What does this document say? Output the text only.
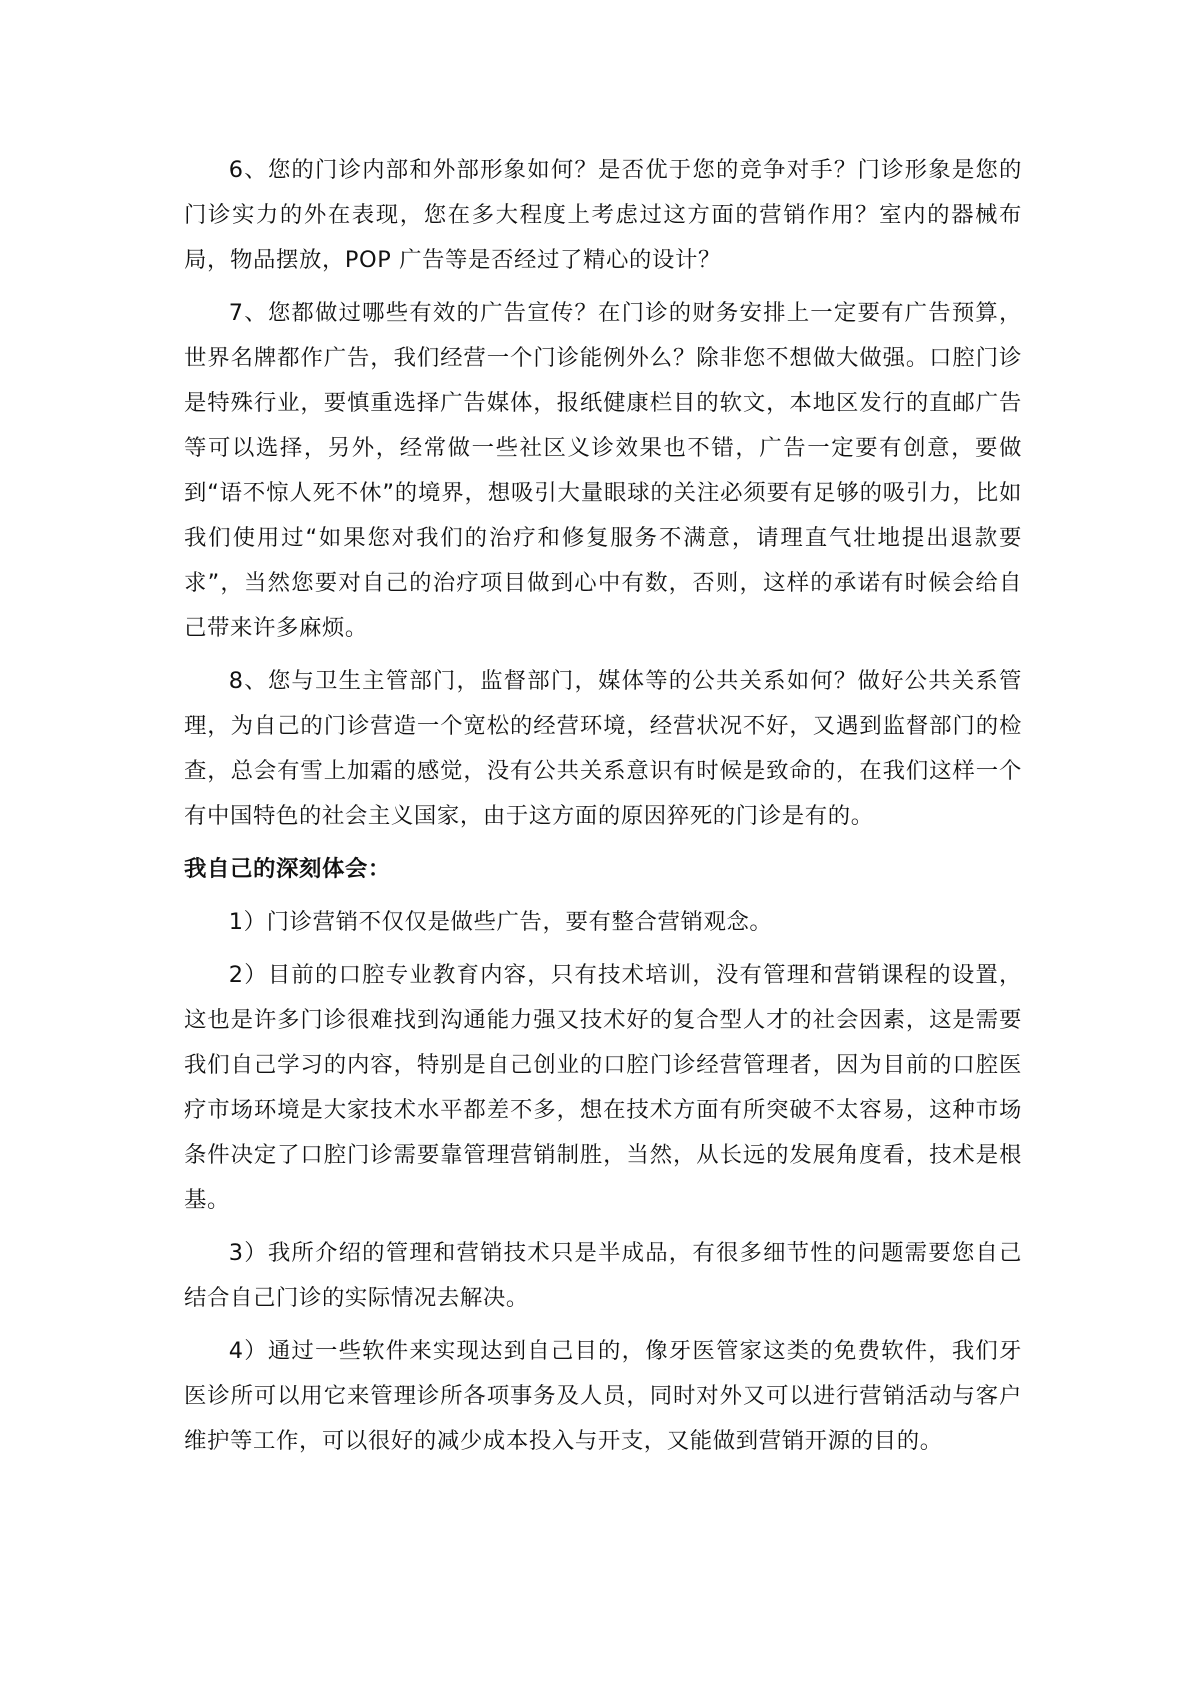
6、您的门诊内部和外部形象如何？是否优于您的竞争对手？门诊形象是您的门诊实力的外在表现，您在多大程度上考虑过这方面的营销作用？室内的器械布局，物品摆放，POP 广告等是否经过了精心的设计？

7、您都做过哪些有效的广告宣传？在门诊的财务安排上一定要有广告预算，世界名牌都作广告，我们经营一个门诊能例外么？除非您不想做大做强。口腔门诊是特殊行业，要慎重选择广告媒体，报纸健康栏目的软文，本地区发行的直邮广告等可以选择，另外，经常做一些社区义诊效果也不错，广告一定要有创意，要做到“语不惊人死不休”的境界，想吸引大量眼球的关注必须要有足够的吸引力，比如我们使用过“如果您对我们的治疗和修复服务不满意，请理直气壮地提出退款要求”，当然您要对自己的治疗项目做到心中有数，否则，这样的承诺有时候会给自己带来许多麻烦。

8、您与卫生主管部门，监督部门，媒体等的公共关系如何？做好公共关系管理，为自己的门诊营造一个宽松的经营环境，经营状况不好，又遇到监督部门的检查，总会有雪上加霜的感觉，没有公共关系意识有时候是致命的，在我们这样一个有中国特色的社会主义国家，由于这方面的原因猝死的门诊是有的。

我自己的深刻体会：

1）门诊营销不仅仅是做些广告，要有整合营销观念。

2）目前的口腔专业教育内容，只有技术培训，没有管理和营销课程的设置，这也是许多门诊很难找到沟通能力强又技术好的复合型人才的社会因素，这是需要我们自己学习的内容，特别是自己创业的口腔门诊经营管理者，因为目前的口腔医疗市场环境是大家技术水平都差不多，想在技术方面有所突破不太容易，这种市场条件决定了口腔门诊需要靠管理营销制胜，当然，从长远的发展角度看，技术是根基。

3）我所介绍的管理和营销技术只是半成品，有很多细节性的问题需要您自己结合自己门诊的实际情况去解决。

4）通过一些软件来实现达到自己目的，像牙医管家这类的免费软件，我们牙医诊所可以用它来管理诊所各项事务及人员，同时对外又可以进行营销活动与客户维护等工作，可以很好的减少成本投入与开支，又能做到营销开源的目的。
